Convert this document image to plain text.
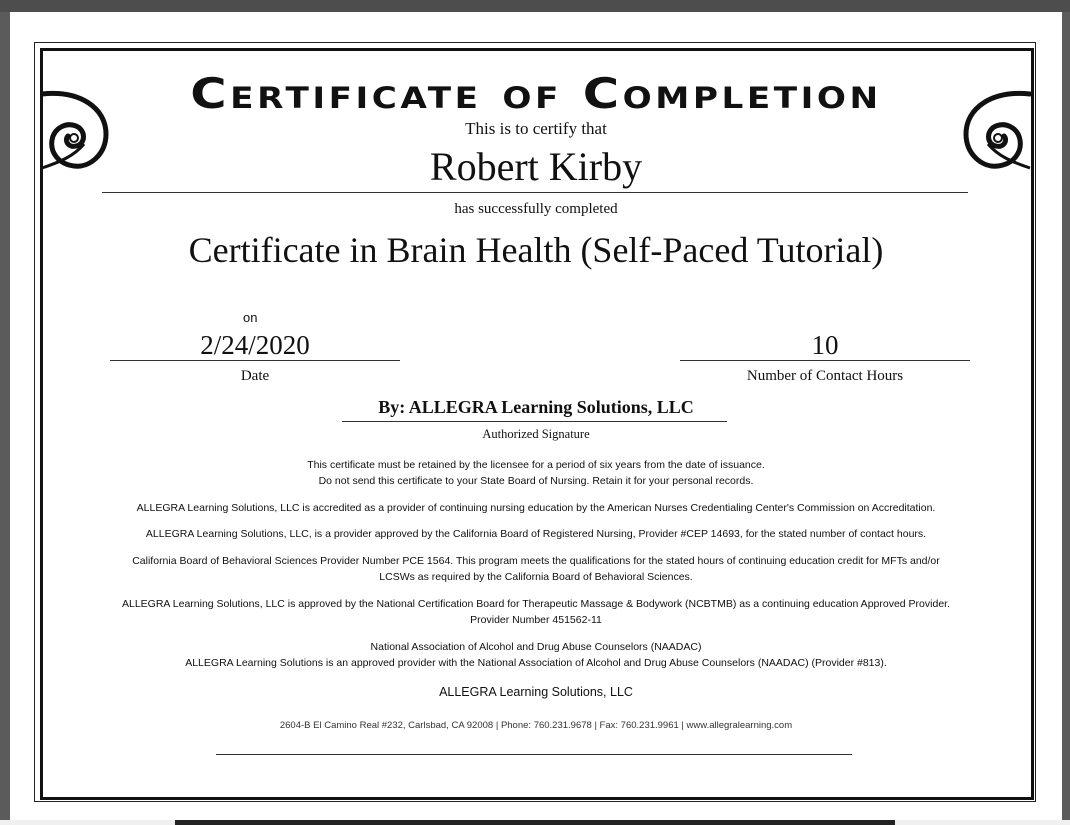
Certificate of Completion
This is to certify that
Robert Kirby
has successfully completed
Certificate in Brain Health (Self-Paced Tutorial)
on
2/24/2020
Date
10
Number of Contact Hours
By: ALLEGRA Learning Solutions, LLC
Authorized Signature
This certificate must be retained by the licensee for a period of six years from the date of issuance.
Do not send this certificate to your State Board of Nursing. Retain it for your personal records.
ALLEGRA Learning Solutions, LLC is accredited as a provider of continuing nursing education by the American Nurses Credentialing Center's Commission on Accreditation.
ALLEGRA Learning Solutions, LLC, is a provider approved by the California Board of Registered Nursing, Provider #CEP 14693, for the stated number of contact hours.
California Board of Behavioral Sciences Provider Number PCE 1564. This program meets the qualifications for the stated hours of continuing education credit for MFTs and/or
LCSWs as required by the California Board of Behavioral Sciences.
ALLEGRA Learning Solutions, LLC is approved by the National Certification Board for Therapeutic Massage & Bodywork (NCBTMB) as a continuing education Approved Provider.
Provider Number 451562-11
National Association of Alcohol and Drug Abuse Counselors (NAADAC)
ALLEGRA Learning Solutions is an approved provider with the National Association of Alcohol and Drug Abuse Counselors (NAADAC) (Provider #813).
ALLEGRA Learning Solutions, LLC
2604-B El Camino Real #232, Carlsbad, CA 92008 | Phone: 760.231.9678 | Fax: 760.231.9961 | www.allegralearning.com
